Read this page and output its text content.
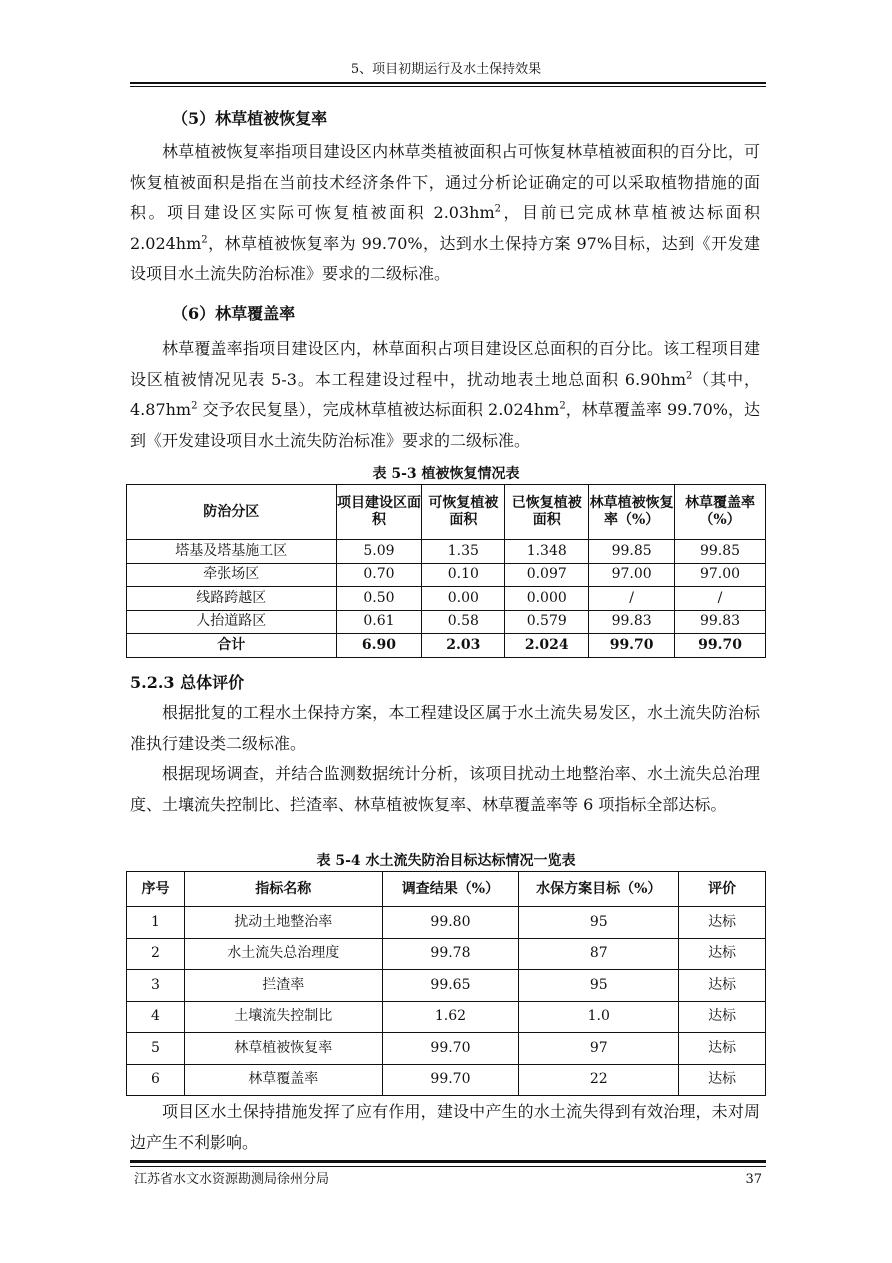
5、项目初期运行及水土保持效果
（5）林草植被恢复率

林草植被恢复率指项目建设区内林草类植被面积占可恢复林草植被面积的百分比，可恢复植被面积是指在当前技术经济条件下，通过分析论证确定的可以采取植物措施的面积。项目建设区实际可恢复植被面积 $2.03hm^2$，目前已完成林草植被达标面积 $2.024hm^2$，林草植被恢复率为 99.70%，达到水土保持方案 97%目标，达到《开发建设项目水土流失防治标准》要求的二级标准。

（6）林草覆盖率

林草覆盖率指项目建设区内，林草面积占项目建设区总面积的百分比。该工程项目建设区植被情况见表 5-3。本工程建设过程中，扰动地表土地总面积 $6.90hm^2$（其中，$4.87hm^2$ 交予农民复垦），完成林草植被达标面积 $2.024hm^2$，林草覆盖率 99.70%，达到《开发建设项目水土流失防治标准》要求的二级标准。

表 5-3 植被恢复情况表
防治分区	项目建设区面积	可恢复植被面积	已恢复植被面积	林草植被恢复率（%）	林草覆盖率（%）
塔基及塔基施工区	5.09	1.35	1.348	99.85	99.85
牵张场区	0.70	0.10	0.097	97.00	97.00
线路跨越区	0.50	0.00	0.000	/	/
人抬道路区	0.61	0.58	0.579	99.83	99.83
合计	6.90	2.03	2.024	99.70	99.70
5.2.3 总体评价

根据批复的工程水土保持方案，本工程建设区属于水土流失易发区，水土流失防治标准执行建设类二级标准。

根据现场调查，并结合监测数据统计分析，该项目扰动土地整治率、水土流失总治理度、土壤流失控制比、拦渣率、林草植被恢复率、林草覆盖率等 6 项指标全部达标。

表 5-4 水土流失防治目标达标情况一览表
序号	指标名称	调查结果（%）	水保方案目标（%）	评价
1	扰动土地整治率	99.80	95	达标
2	水土流失总治理度	99.78	87	达标
3	拦渣率	99.65	95	达标
4	土壤流失控制比	1.62	1.0	达标
5	林草植被恢复率	99.70	97	达标
6	林草覆盖率	99.70	22	达标

项目区水土保持措施发挥了应有作用，建设中产生的水土流失得到有效治理，未对周边产生不利影响。

江苏省水文水资源勘测局徐州分局	37
